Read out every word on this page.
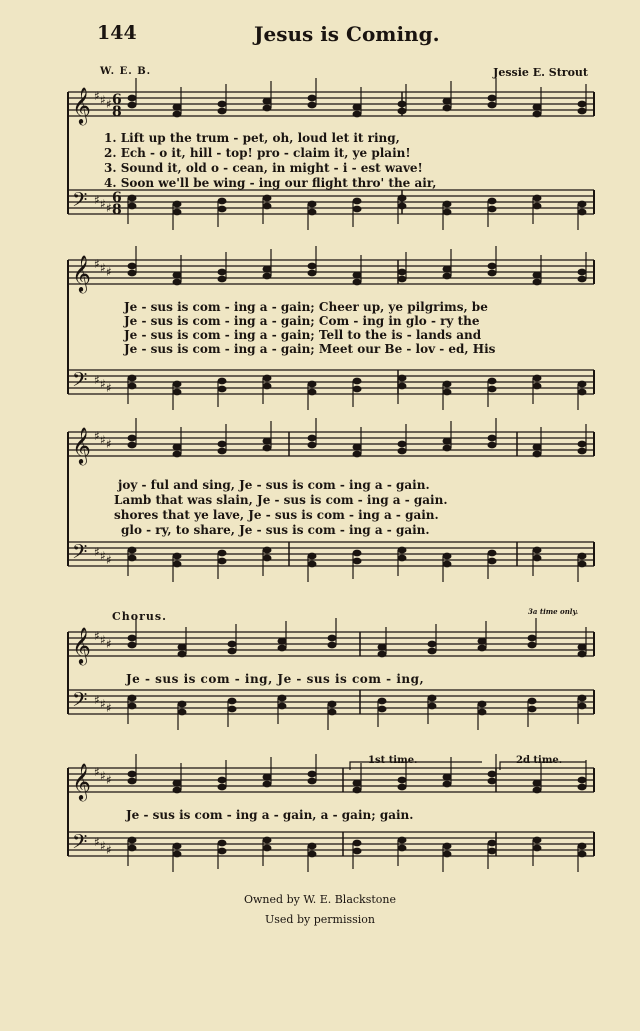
144	Jesus is Coming.
W. E. B.	Jessie E. Strout
𝄞
𝄢
♯
♯
♯
♯
♯
♯
𝄞
𝄢
♯
♯
♯
♯
♯
♯
𝄞
𝄢
♯
♯
♯
♯
♯
♯
𝄞
𝄢
♯
♯
♯
♯
♯
♯
𝄞
𝄢
♯
♯
♯
♯
♯
♯
6
8
6
8
1. Lift up the trum - pet, oh, loud let it ring,
2. Ech - o it, hill - top! pro - claim it, ye plain!
3. Sound it, old o - cean, in might - i - est wave!
4. Soon we'll be wing - ing our flight thro' the air,
Je - sus is com - ing a - gain; Cheer up, ye pilgrims, be
Je - sus is com - ing a - gain; Com - ing in glo - ry the
Je - sus is com - ing a - gain; Tell to the is - lands and
Je - sus is com - ing a - gain; Meet our Be - lov - ed, His
joy - ful and sing, Je - sus is com - ing a - gain.
Lamb that was slain, Je - sus is com - ing a - gain.
shores that ye lave, Je - sus is com - ing a - gain.
glo - ry, to share, Je - sus is com - ing a - gain.
Chorus.	3a time only.
Je - sus is com - ing, Je - sus is com - ing,
1st time.	2d time.
Je - sus is com - ing a - gain, a - gain; gain.
Owned by W. E. Blackstone
Used by permission
